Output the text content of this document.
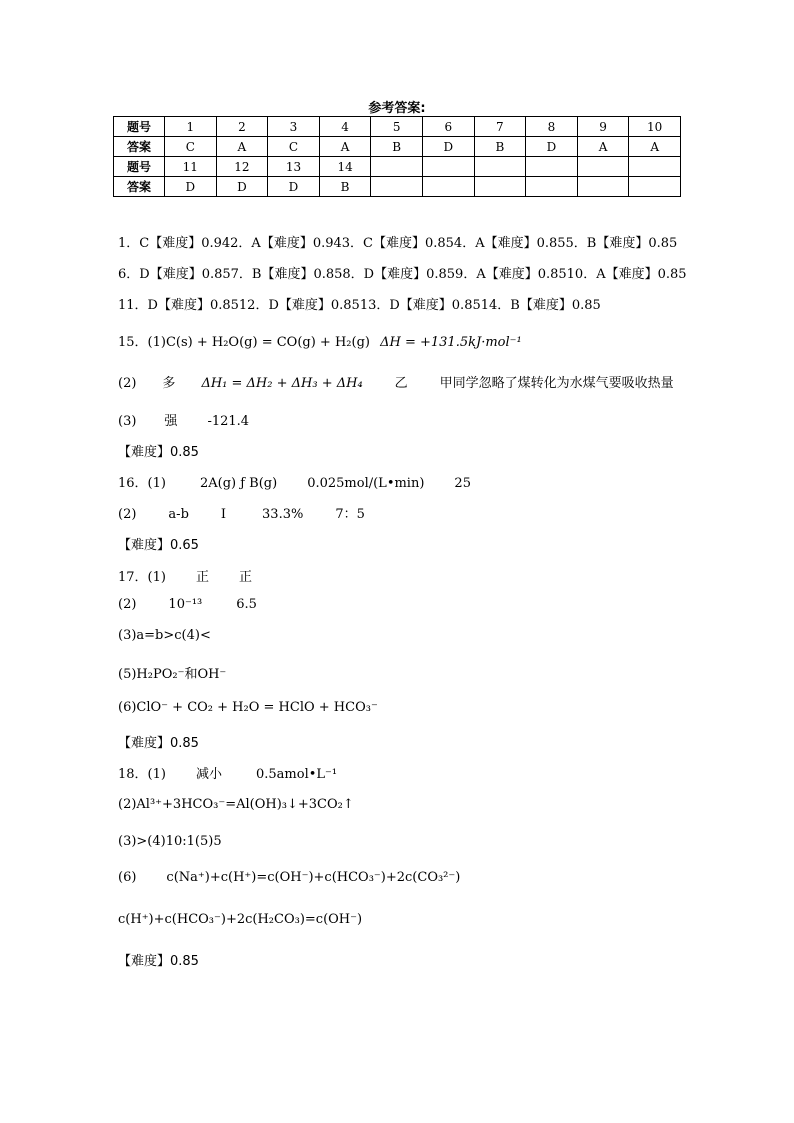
参考答案:
题号	1	2	3	4	5	6	7	8	9	10
答案	C	A	C	A	B	D	B	D	A	A
题号	11	12	13	14						
答案	D	D	D	B						
1．C【难度】0.942．A【难度】0.943．C【难度】0.854．A【难度】0.855．B【难度】0.85
6．D【难度】0.857．B【难度】0.858．D【难度】0.859．A【难度】0.8510．A【难度】0.85
11．D【难度】0.8512．D【难度】0.8513．D【难度】0.8514．B【难度】0.85
15．(1)C(s) + H₂O(g) = CO(g) + H₂(g) ΔH = +131.5kJ·mol⁻¹
(2) 多 ΔH₁ = ΔH₂ + ΔH₃ + ΔH₄ 乙 甲同学忽略了煤转化为水煤气要吸收热量
(3) 强 -121.4
【难度】0.85
16．(1)	2A(g) ƒ B(g) 0.025mol/(L•min) 25
(2) a-b I	33.3% 7：5
【难度】0.65
17．(1) 正 正
(2) 10⁻¹³	6.5
(3)a=b>c(4)<
(5)H₂PO₂⁻和OH⁻
(6)ClO⁻ + CO₂ + H₂O = HClO + HCO₃⁻
【难度】0.85
18．(1) 减小	0.5amol•L⁻¹
(2)Al³⁺+3HCO₃⁻=Al(OH)₃↓+3CO₂↑
(3)>(4)10:1(5)5
(6) c(Na⁺)+c(H⁺)=c(OH⁻)+c(HCO₃⁻)+2c(CO₃²⁻)
c(H⁺)+c(HCO₃⁻)+2c(H₂CO₃)=c(OH⁻)
【难度】0.85
